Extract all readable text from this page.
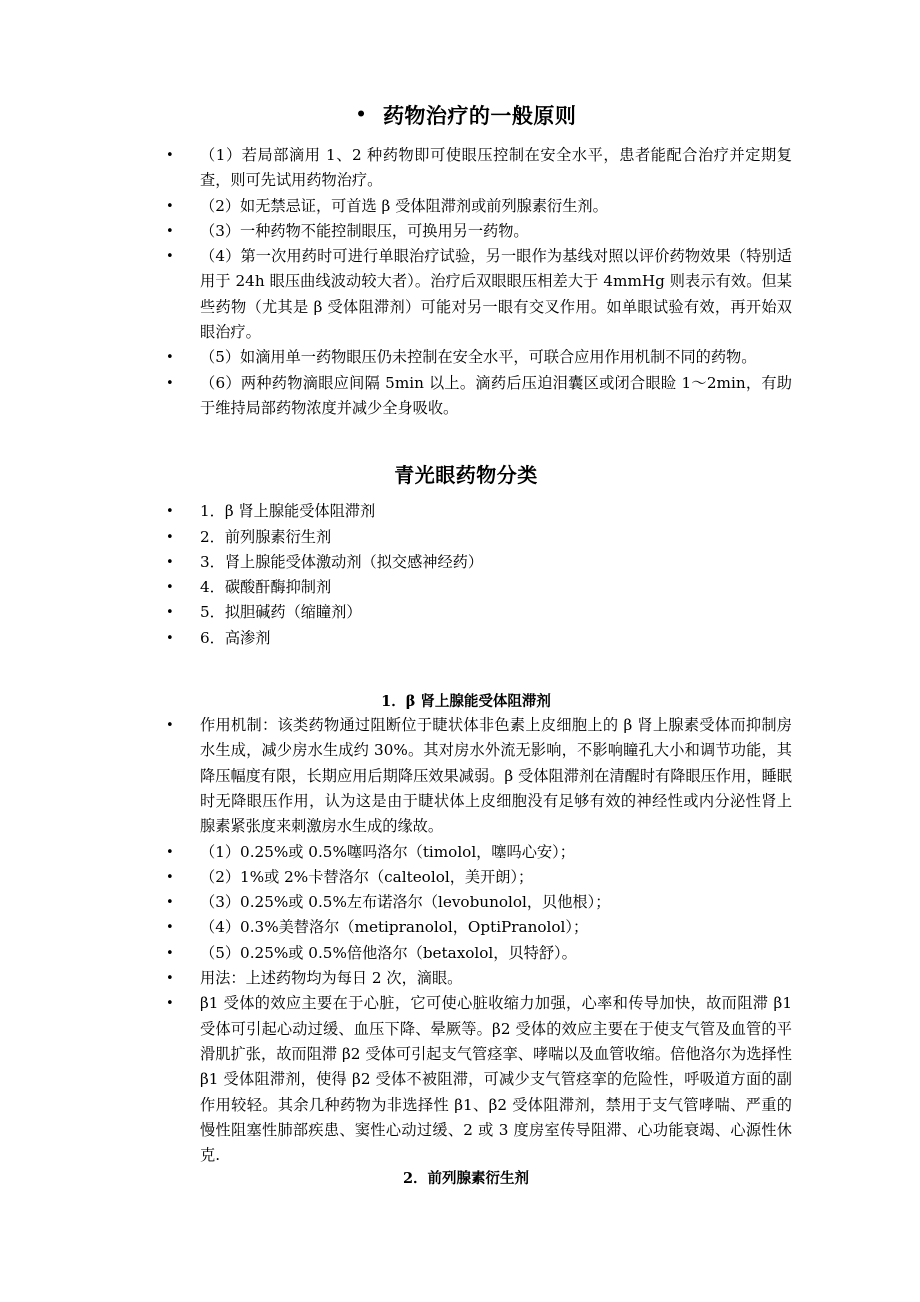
• 药物治疗的一般原则
• （1）若局部滴用 1、2 种药物即可使眼压控制在安全水平，患者能配合治疗并定期复查，则可先试用药物治疗。
• （2）如无禁忌证，可首选 β 受体阻滞剂或前列腺素衍生剂。
• （3）一种药物不能控制眼压，可换用另一药物。
• （4）第一次用药时可进行单眼治疗试验，另一眼作为基线对照以评价药物效果（特别适用于 24h 眼压曲线波动较大者）。治疗后双眼眼压相差大于 4mmHg 则表示有效。但某些药物（尤其是 β 受体阻滞剂）可能对另一眼有交叉作用。如单眼试验有效，再开始双眼治疗。
• （5）如滴用单一药物眼压仍未控制在安全水平，可联合应用作用机制不同的药物。
• （6）两种药物滴眼应间隔 5min 以上。滴药后压迫泪囊区或闭合眼睑 1～2min，有助于维持局部药物浓度并减少全身吸收。
青光眼药物分类
• 1．β 肾上腺能受体阻滞剂
• 2．前列腺素衍生剂
• 3．肾上腺能受体激动剂（拟交感神经药）
• 4．碳酸酐酶抑制剂
• 5．拟胆碱药（缩瞳剂）
• 6．高渗剂
1．β 肾上腺能受体阻滞剂
• 作用机制：该类药物通过阻断位于睫状体非色素上皮细胞上的 β 肾上腺素受体而抑制房水生成，减少房水生成约 30%。其对房水外流无影响，不影响瞳孔大小和调节功能，其降压幅度有限，长期应用后期降压效果减弱。β 受体阻滞剂在清醒时有降眼压作用，睡眠时无降眼压作用，认为这是由于睫状体上皮细胞没有足够有效的神经性或内分泌性肾上腺素紧张度来刺激房水生成的缘故。
• （1）0.25%或 0.5%噻吗洛尔（timolol，噻吗心安）；
• （2）1%或 2%卡替洛尔（calteolol，美开朗）；
• （3）0.25%或 0.5%左布诺洛尔（levobunolol，贝他根）；
• （4）0.3%美替洛尔（metipranolol，OptiPranolol）；
• （5）0.25%或 0.5%倍他洛尔（betaxolol，贝特舒）。
• 用法：上述药物均为每日 2 次，滴眼。
• β1 受体的效应主要在于心脏，它可使心脏收缩力加强，心率和传导加快，故而阻滞 β1 受体可引起心动过缓、血压下降、晕厥等。β2 受体的效应主要在于使支气管及血管的平滑肌扩张，故而阻滞 β2 受体可引起支气管痉挛、哮喘以及血管收缩。倍他洛尔为选择性 β1 受体阻滞剂，使得 β2 受体不被阻滞，可减少支气管痉挛的危险性，呼吸道方面的副作用较轻。其余几种药物为非选择性 β1、β2 受体阻滞剂，禁用于支气管哮喘、严重的慢性阻塞性肺部疾患、窦性心动过缓、2 或 3 度房室传导阻滞、心功能衰竭、心源性休克.
2．前列腺素衍生剂
